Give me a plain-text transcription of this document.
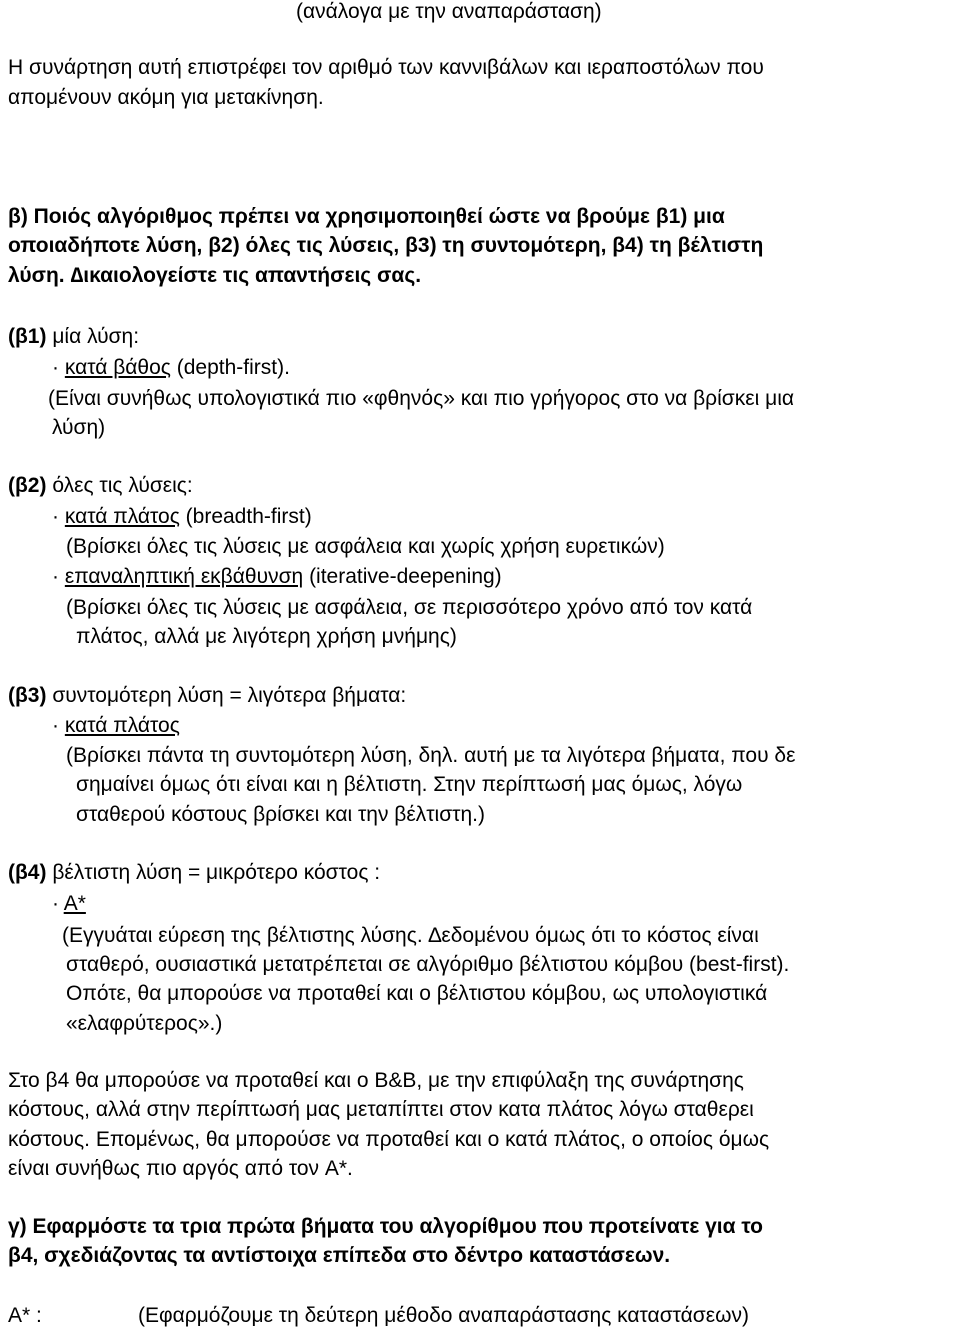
(ανάλογα με την αναπαράσταση)
Η συνάρτηση αυτή επιστρέφει τον αριθμό των καννιβάλων και ιεραποστόλων που
απομένουν ακόμη για μετακίνηση.
β) Ποιός αλγόριθμος πρέπει να χρησιμοποιηθεί ώστε να βρούμε β1) μια
οποιαδήποτε λύση, β2) όλες τις λύσεις, β3) τη συντομότερη, β4) τη βέλτιστη
λύση. ∆ικαιολογείστε τις απαντήσεις σας.
(β1) μία λύση:
· κατά βάθος (depth-first).
(Είναι συνήθως υπολογιστικά πιο «φθηνός» και πιο γρήγορος στο να βρίσκει μια
λύση)
(β2) όλες τις λύσεις:
· κατά πλάτος (breadth-first)
(Βρίσκει όλες τις λύσεις με ασφάλεια και χωρίς χρήση ευρετικών)
· επαναληπτική εκβάθυνση (iterative-deepening)
(Βρίσκει όλες τις λύσεις με ασφάλεια, σε περισσότερο χρόνο από τον κατά
πλάτος, αλλά με λιγότερη χρήση μνήμης)
(β3) συντομότερη λύση = λιγότερα βήματα:
· κατά πλάτος
(Βρίσκει πάντα τη συντομότερη λύση, δηλ. αυτή με τα λιγότερα βήματα, που δε
σημαίνει όμως ότι είναι και η βέλτιστη. Στην περίπτωσή μας όμως, λόγω
σταθερού κόστους βρίσκει και την βέλτιστη.)
(β4) βέλτιστη λύση = μικρότερο κόστος :
· A*
(Εγγυάται εύρεση της βέλτιστης λύσης. ∆εδομένου όμως ότι το κόστος είναι
σταθερό, ουσιαστικά μετατρέπεται σε αλγόριθμο βέλτιστου κόμβου (best-first).
Οπότε, θα μπορούσε να προταθεί και ο βέλτιστου κόμβου, ως υπολογιστικά
«ελαφρύτερος».)
Στο β4 θα μπορούσε να προταθεί και ο B&B, με την επιφύλαξη της συνάρτησης
κόστους, αλλά στην περίπτωσή μας μεταπίπτει στον κατα πλάτος λόγω σταθερει
κόστους. Επομένως, θα μπορούσε να προταθεί και ο κατά πλάτος, ο οποίος όμως
είναι συνήθως πιο αργός από τον A*.
γ) Εφαρμόστε τα τρια πρώτα βήματα του αλγορίθμου που προτείνατε για το
β4, σχεδιάζοντας τα αντίστοιχα επίπεδα στο δέντρο καταστάσεων.
A* :	(Εφαρμόζουμε τη δεύτερη μέθοδο αναπαράστασης καταστάσεων)
